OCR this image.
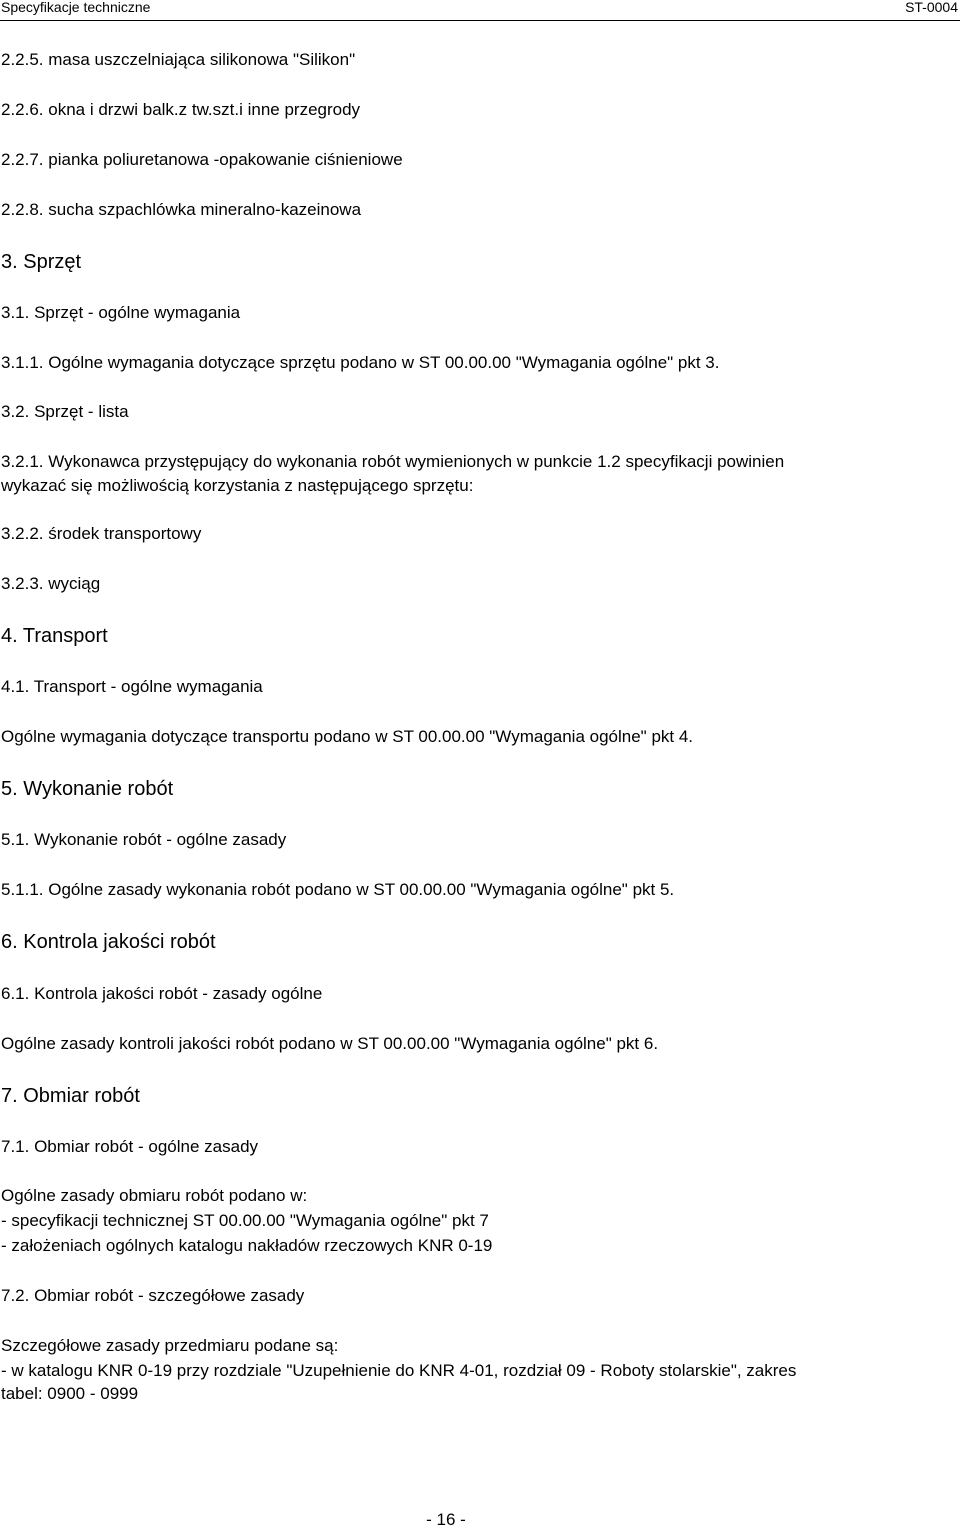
Specyfikacje techniczne	ST-0004
2.2.5. masa uszczelniająca silikonowa "Silikon"
2.2.6. okna i drzwi balk.z tw.szt.i inne przegrody
2.2.7. pianka poliuretanowa -opakowanie ciśnieniowe
2.2.8. sucha szpachlówka mineralno-kazeinowa
3. Sprzęt
3.1. Sprzęt - ogólne wymagania
3.1.1. Ogólne wymagania dotyczące sprzętu podano w ST 00.00.00 "Wymagania ogólne" pkt 3.
3.2. Sprzęt - lista
3.2.1. Wykonawca przystępujący do wykonania robót wymienionych w punkcie 1.2 specyfikacji powinien
wykazać się możliwością korzystania z następującego sprzętu:
3.2.2. środek transportowy
3.2.3. wyciąg
4. Transport
4.1. Transport - ogólne wymagania
Ogólne wymagania dotyczące transportu podano w ST 00.00.00 "Wymagania ogólne" pkt 4.
5. Wykonanie robót
5.1. Wykonanie robót - ogólne zasady
5.1.1. Ogólne zasady wykonania robót podano w ST 00.00.00 "Wymagania ogólne" pkt 5.
6. Kontrola jakości robót
6.1. Kontrola jakości robót - zasady ogólne
Ogólne zasady kontroli jakości robót podano w ST 00.00.00 "Wymagania ogólne" pkt 6.
7. Obmiar robót
7.1. Obmiar robót - ogólne zasady
Ogólne zasady obmiaru robót podano w:
- specyfikacji technicznej ST 00.00.00 "Wymagania ogólne" pkt 7
- założeniach ogólnych katalogu nakładów rzeczowych KNR 0-19
7.2. Obmiar robót - szczegółowe zasady
Szczegółowe zasady przedmiaru podane są:
- w katalogu KNR 0-19 przy rozdziale "Uzupełnienie do KNR 4-01, rozdział 09 - Roboty stolarskie", zakres
tabel: 0900 - 0999
- 16 -
